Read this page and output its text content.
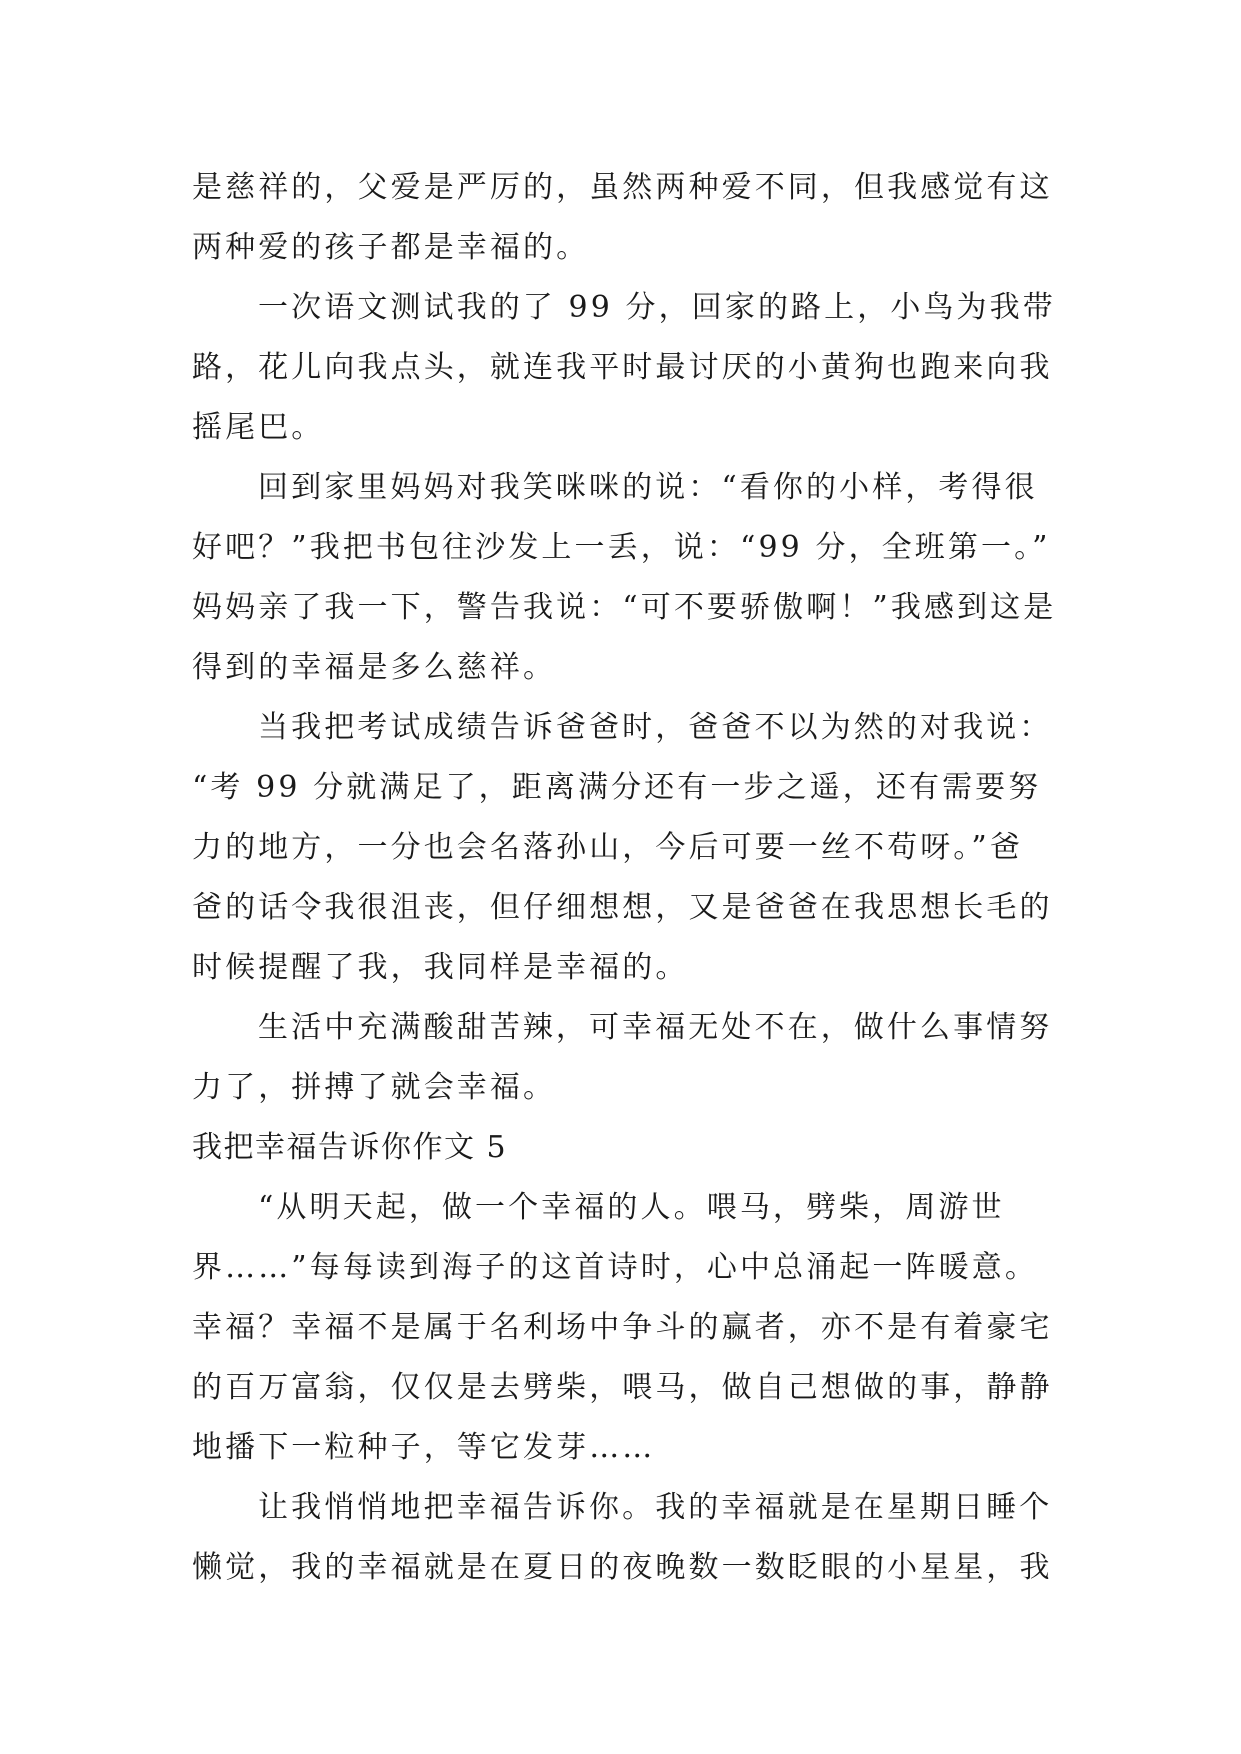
是慈祥的，父爱是严厉的，虽然两种爱不同，但我感觉有这
两种爱的孩子都是幸福的。
一次语文测试我的了 99 分，回家的路上，小鸟为我带
路，花儿向我点头，就连我平时最讨厌的小黄狗也跑来向我
摇尾巴。
回到家里妈妈对我笑咪咪的说：“看你的小样，考得很
好吧？”我把书包往沙发上一丢，说：“99 分，全班第一。”
妈妈亲了我一下，警告我说：“可不要骄傲啊！”我感到这是
得到的幸福是多么慈祥。
当我把考试成绩告诉爸爸时，爸爸不以为然的对我说：
“考 99 分就满足了，距离满分还有一步之遥，还有需要努
力的地方，一分也会名落孙山，今后可要一丝不苟呀。”爸
爸的话令我很沮丧，但仔细想想，又是爸爸在我思想长毛的
时候提醒了我，我同样是幸福的。
生活中充满酸甜苦辣，可幸福无处不在，做什么事情努
力了，拼搏了就会幸福。
我把幸福告诉你作文 5
“从明天起，做一个幸福的人。喂马，劈柴，周游世
界……”每每读到海子的这首诗时，心中总涌起一阵暖意。
幸福？幸福不是属于名利场中争斗的赢者，亦不是有着豪宅
的百万富翁，仅仅是去劈柴，喂马，做自己想做的事，静静
地播下一粒种子，等它发芽……
让我悄悄地把幸福告诉你。我的幸福就是在星期日睡个
懒觉，我的幸福就是在夏日的夜晚数一数眨眼的小星星，我
